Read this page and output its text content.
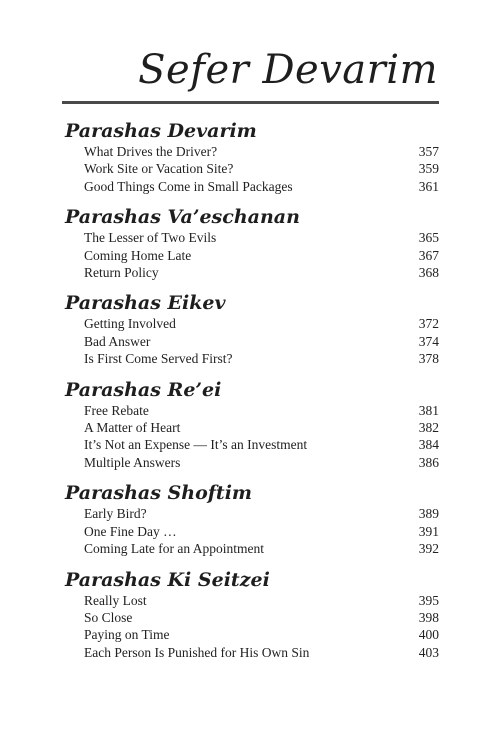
Sefer Devarim
Parashas Devarim
What Drives the Driver?	357
Work Site or Vacation Site?	359
Good Things Come in Small Packages	361
Parashas Va’eschanan
The Lesser of Two Evils	365
Coming Home Late	367
Return Policy	368
Parashas Eikev
Getting Involved	372
Bad Answer	374
Is First Come Served First?	378
Parashas Re’ei
Free Rebate	381
A Matter of Heart	382
It’s Not an Expense — It’s an Investment	384
Multiple Answers	386
Parashas Shoftim
Early Bird?	389
One Fine Day …	391
Coming Late for an Appointment	392
Parashas Ki Seitzei
Really Lost	395
So Close	398
Paying on Time	400
Each Person Is Punished for His Own Sin	403
